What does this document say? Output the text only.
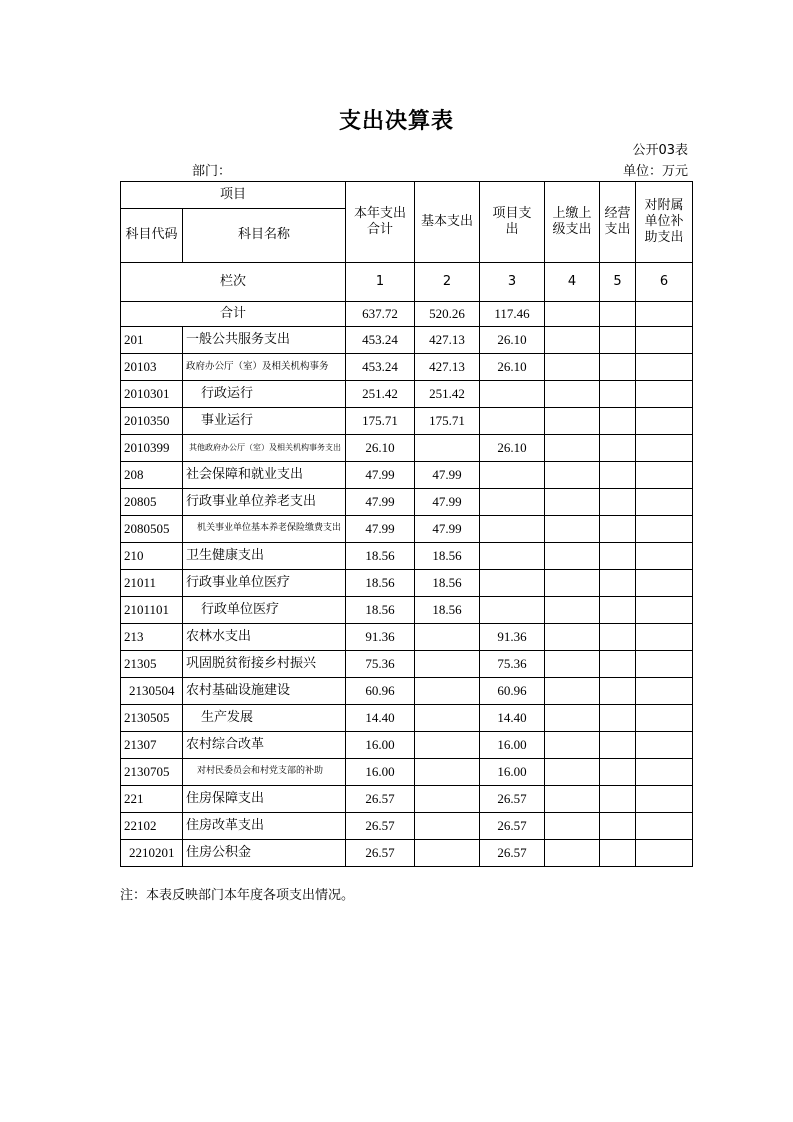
支出决算表
公开03表
部门：	单位：万元
项目		本年支出合计	基本支出	项目支出	上缴上级支出	经营支出	对附属单位补助支出
科目代码	科目名称						
栏次		1	2	3	4	5	6
合计		637.72	520.26	117.46			
201	一般公共服务支出	453.24	427.13	26.10			
20103	政府办公厅（室）及相关机构事务	453.24	427.13	26.10			
2010301	行政运行	251.42	251.42				
2010350	事业运行	175.71	175.71				
2010399	其他政府办公厅（室）及相关机构事务支出	26.10		26.10			
208	社会保障和就业支出	47.99	47.99				
20805	行政事业单位养老支出	47.99	47.99				
2080505	机关事业单位基本养老保险缴费支出	47.99	47.99				
210	卫生健康支出	18.56	18.56				
21011	行政事业单位医疗	18.56	18.56				
2101101	行政单位医疗	18.56	18.56				
213	农林水支出	91.36		91.36			
21305	巩固脱贫衔接乡村振兴	75.36		75.36			
2130504	农村基础设施建设	60.96		60.96			
2130505	生产发展	14.40		14.40			
21307	农村综合改革	16.00		16.00			
2130705	对村民委员会和村党支部的补助	16.00		16.00			
221	住房保障支出	26.57		26.57			
22102	住房改革支出	26.57		26.57			
2210201	住房公积金	26.57		26.57			
注：本表反映部门本年度各项支出情况。
